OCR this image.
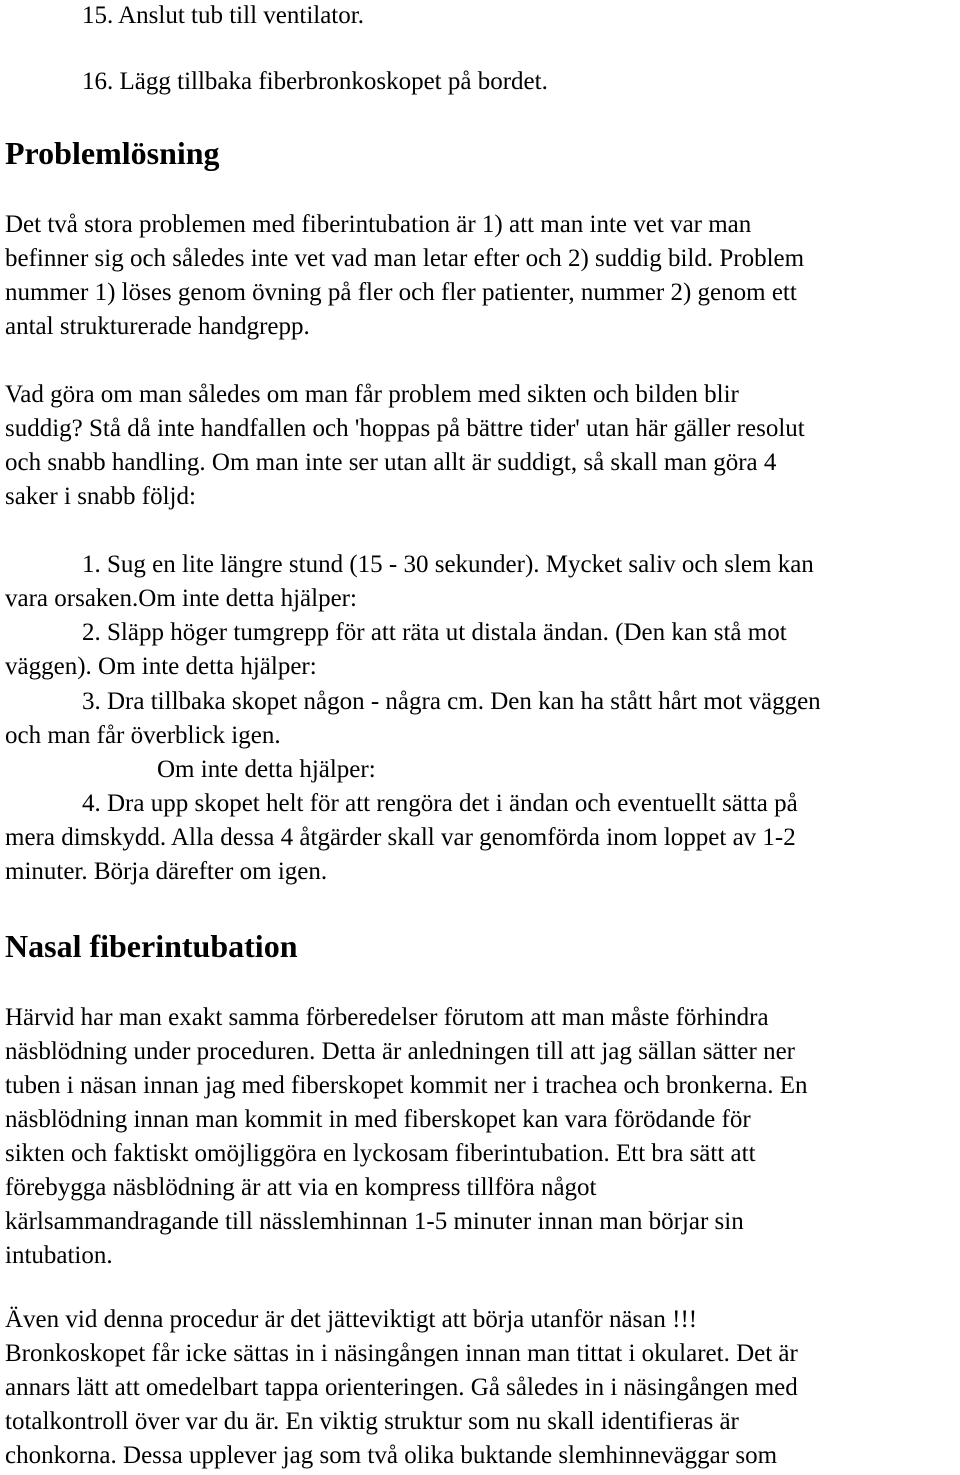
15. Anslut tub till ventilator.
16. Lägg tillbaka fiberbronkoskopet på bordet.
Problemlösning
Det två stora problemen med fiberintubation är 1) att man inte vet var man
befinner sig och således inte vet vad man letar efter och 2) suddig bild. Problem
nummer 1) löses genom övning på fler och fler patienter, nummer 2) genom ett
antal strukturerade handgrepp.
Vad göra om man således om man får problem med sikten och bilden blir
suddig? Stå då inte handfallen och 'hoppas på bättre tider' utan här gäller resolut
och snabb handling. Om man inte ser utan allt är suddigt, så skall man göra 4
saker i snabb följd:
1. Sug en lite längre stund (15 - 30 sekunder). Mycket saliv och slem kan
vara orsaken.Om inte detta hjälper:
2. Släpp höger tumgrepp för att räta ut distala ändan. (Den kan stå mot
väggen). Om inte detta hjälper:
3. Dra tillbaka skopet någon - några cm. Den kan ha stått hårt mot väggen
och man får överblick igen.
Om inte detta hjälper:
4. Dra upp skopet helt för att rengöra det i ändan och eventuellt sätta på
mera dimskydd. Alla dessa 4 åtgärder skall var genomförda inom loppet av 1-2
minuter. Börja därefter om igen.
Nasal fiberintubation
Härvid har man exakt samma förberedelser förutom att man måste förhindra
näsblödning under proceduren. Detta är anledningen till att jag sällan sätter ner
tuben i näsan innan jag med fiberskopet kommit ner i trachea och bronkerna. En
näsblödning innan man kommit in med fiberskopet kan vara förödande för
sikten och faktiskt omöjliggöra en lyckosam fiberintubation. Ett bra sätt att
förebygga näsblödning är att via en kompress tillföra något
kärlsammandragande till nässlemhinnan 1-5 minuter innan man börjar sin
intubation.
Även vid denna procedur är det jätteviktigt att börja utanför näsan !!!
Bronkoskopet får icke sättas in i näsingången innan man tittat i okularet. Det är
annars lätt att omedelbart tappa orienteringen. Gå således in i näsingången med
totalkontroll över var du är. En viktig struktur som nu skall identifieras är
chonkorna. Dessa upplever jag som två olika buktande slemhinneväggar som
